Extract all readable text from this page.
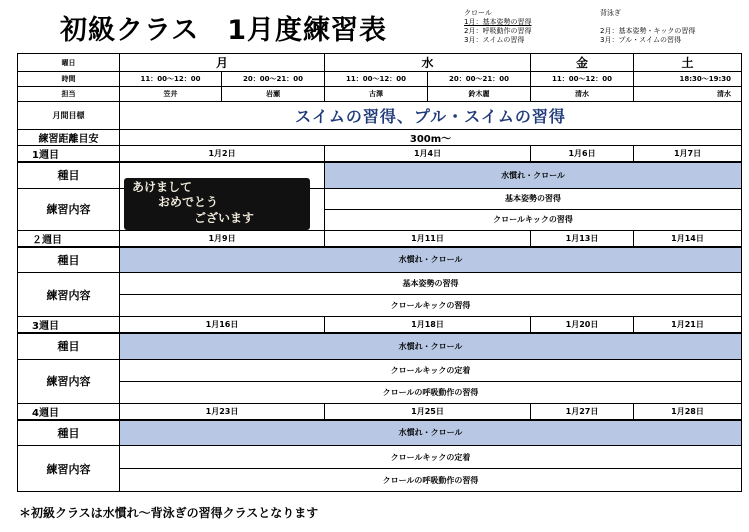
初級クラス　1月度練習表
クロール
1月：基本姿勢の習得
2月：呼吸動作の習得
3月：スイムの習得
背泳ぎ

2月：基本姿勢・キックの習得
3月：プル・スイムの習得
曜日	月		水		金	土
時間	11：00～12：00	20：00～21：00	11：00～12：00	20：00～21：00	11：00～12：00	18:30～19:30
担当	笠井	岩瀬	古澤	鈴木麗	清水	清水
月間目標	スイムの習得、プル・スイムの習得					
練習距離目安	300m～					
1週目	1月2日		1月4日		1月6日	1月7日
種目			水慣れ・クロール			
練習内容			基本姿勢の習得			
			クロールキックの習得			
２週目	1月9日		1月11日		1月13日	1月14日
種目	水慣れ・クロール					
練習内容	基本姿勢の習得					
	クロールキックの習得					
3週目	1月16日		1月18日		1月20日	1月21日
種目	水慣れ・クロール					
練習内容	クロールキックの定着					
	クロールの呼吸動作の習得					
4週目	1月23日		1月25日		1月27日	1月28日
種目	水慣れ・クロール					
練習内容	クロールキックの定着					
	クロールの呼吸動作の習得					
あけまして
おめでとう
ございます
＊初級クラスは水慣れ～背泳ぎの習得クラスとなります
